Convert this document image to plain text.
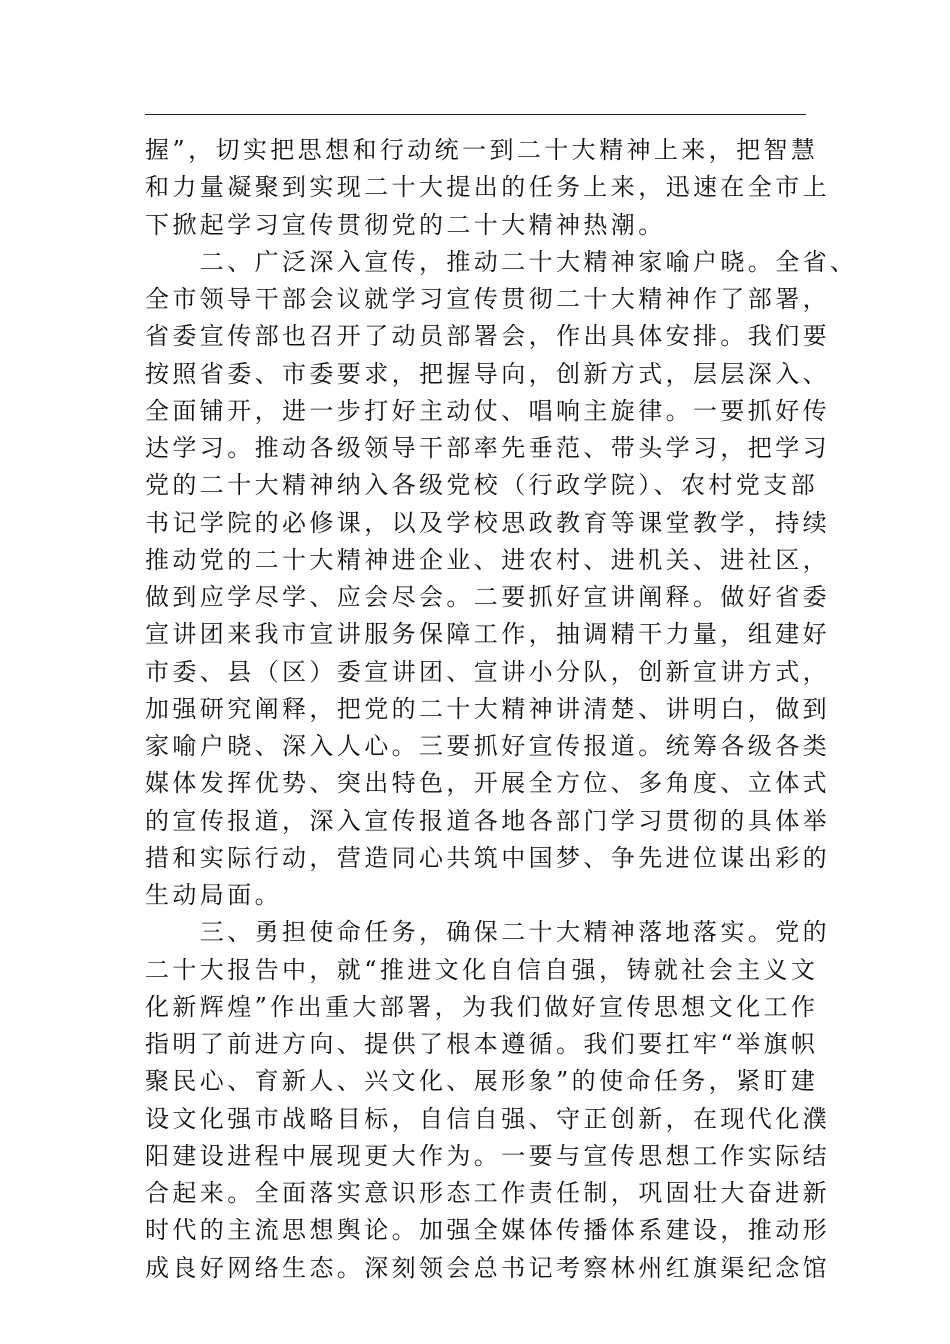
握”，切实把思想和行动统一到二十大精神上来，把智慧
和力量凝聚到实现二十大提出的任务上来，迅速在全市上
下掀起学习宣传贯彻党的二十大精神热潮。
　　二、广泛深入宣传，推动二十大精神家喻户晓。全省、
全市领导干部会议就学习宣传贯彻二十大精神作了部署，
省委宣传部也召开了动员部署会，作出具体安排。我们要
按照省委、市委要求，把握导向，创新方式，层层深入、
全面铺开，进一步打好主动仗、唱响主旋律。一要抓好传
达学习。推动各级领导干部率先垂范、带头学习，把学习
党的二十大精神纳入各级党校（行政学院）、农村党支部
书记学院的必修课，以及学校思政教育等课堂教学，持续
推动党的二十大精神进企业、进农村、进机关、进社区，
做到应学尽学、应会尽会。二要抓好宣讲阐释。做好省委
宣讲团来我市宣讲服务保障工作，抽调精干力量，组建好
市委、县（区）委宣讲团、宣讲小分队，创新宣讲方式，
加强研究阐释，把党的二十大精神讲清楚、讲明白，做到
家喻户晓、深入人心。三要抓好宣传报道。统筹各级各类
媒体发挥优势、突出特色，开展全方位、多角度、立体式
的宣传报道，深入宣传报道各地各部门学习贯彻的具体举
措和实际行动，营造同心共筑中国梦、争先进位谋出彩的
生动局面。
　　三、勇担使命任务，确保二十大精神落地落实。党的
二十大报告中，就“推进文化自信自强，铸就社会主义文
化新辉煌”作出重大部署，为我们做好宣传思想文化工作
指明了前进方向、提供了根本遵循。我们要扛牢“举旗帜
聚民心、育新人、兴文化、展形象”的使命任务，紧盯建
设文化强市战略目标，自信自强、守正创新，在现代化濮
阳建设进程中展现更大作为。一要与宣传思想工作实际结
合起来。全面落实意识形态工作责任制，巩固壮大奋进新
时代的主流思想舆论。加强全媒体传播体系建设，推动形
成良好网络生态。深刻领会总书记考察林州红旗渠纪念馆
